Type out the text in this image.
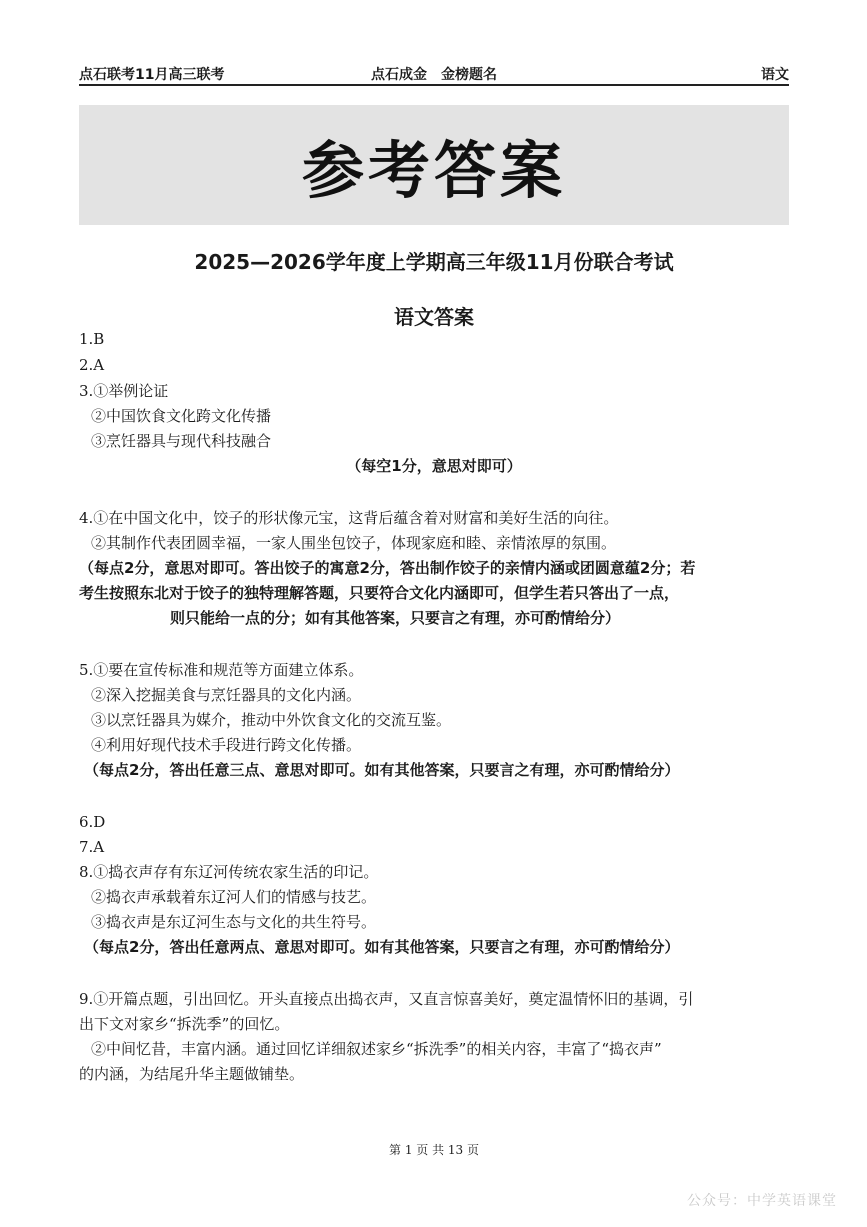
点石联考11月高三联考	点石成金　金榜题名	语文
参考答案
2025—2026学年度上学期高三年级11月份联合考试
语文答案
1.B
2.A
3.①举例论证
②中国饮食文化跨文化传播
③烹饪器具与现代科技融合
（每空1分，意思对即可）
4.①在中国文化中，饺子的形状像元宝，这背后蕴含着对财富和美好生活的向往。
②其制作代表团圆幸福，一家人围坐包饺子，体现家庭和睦、亲情浓厚的氛围。
（每点2分，意思对即可。答出饺子的寓意2分，答出制作饺子的亲情内涵或团圆意蕴2分；若
考生按照东北对于饺子的独特理解答题，只要符合文化内涵即可，但学生若只答出了一点，
则只能给一点的分；如有其他答案，只要言之有理，亦可酌情给分）
5.①要在宣传标准和规范等方面建立体系。
②深入挖掘美食与烹饪器具的文化内涵。
③以烹饪器具为媒介，推动中外饮食文化的交流互鉴。
④利用好现代技术手段进行跨文化传播。
（每点2分，答出任意三点、意思对即可。如有其他答案，只要言之有理，亦可酌情给分）
6.D
7.A
8.①捣衣声存有东辽河传统农家生活的印记。
②捣衣声承载着东辽河人们的情感与技艺。
③捣衣声是东辽河生态与文化的共生符号。
（每点2分，答出任意两点、意思对即可。如有其他答案，只要言之有理，亦可酌情给分）
9.①开篇点题，引出回忆。开头直接点出捣衣声，又直言惊喜美好，奠定温情怀旧的基调，引
出下文对家乡“拆洗季”的回忆。
②中间忆昔，丰富内涵。通过回忆详细叙述家乡“拆洗季”的相关内容，丰富了“捣衣声”
的内涵，为结尾升华主题做铺垫。
第 1 页 共 13 页
公众号：中学英语课堂
